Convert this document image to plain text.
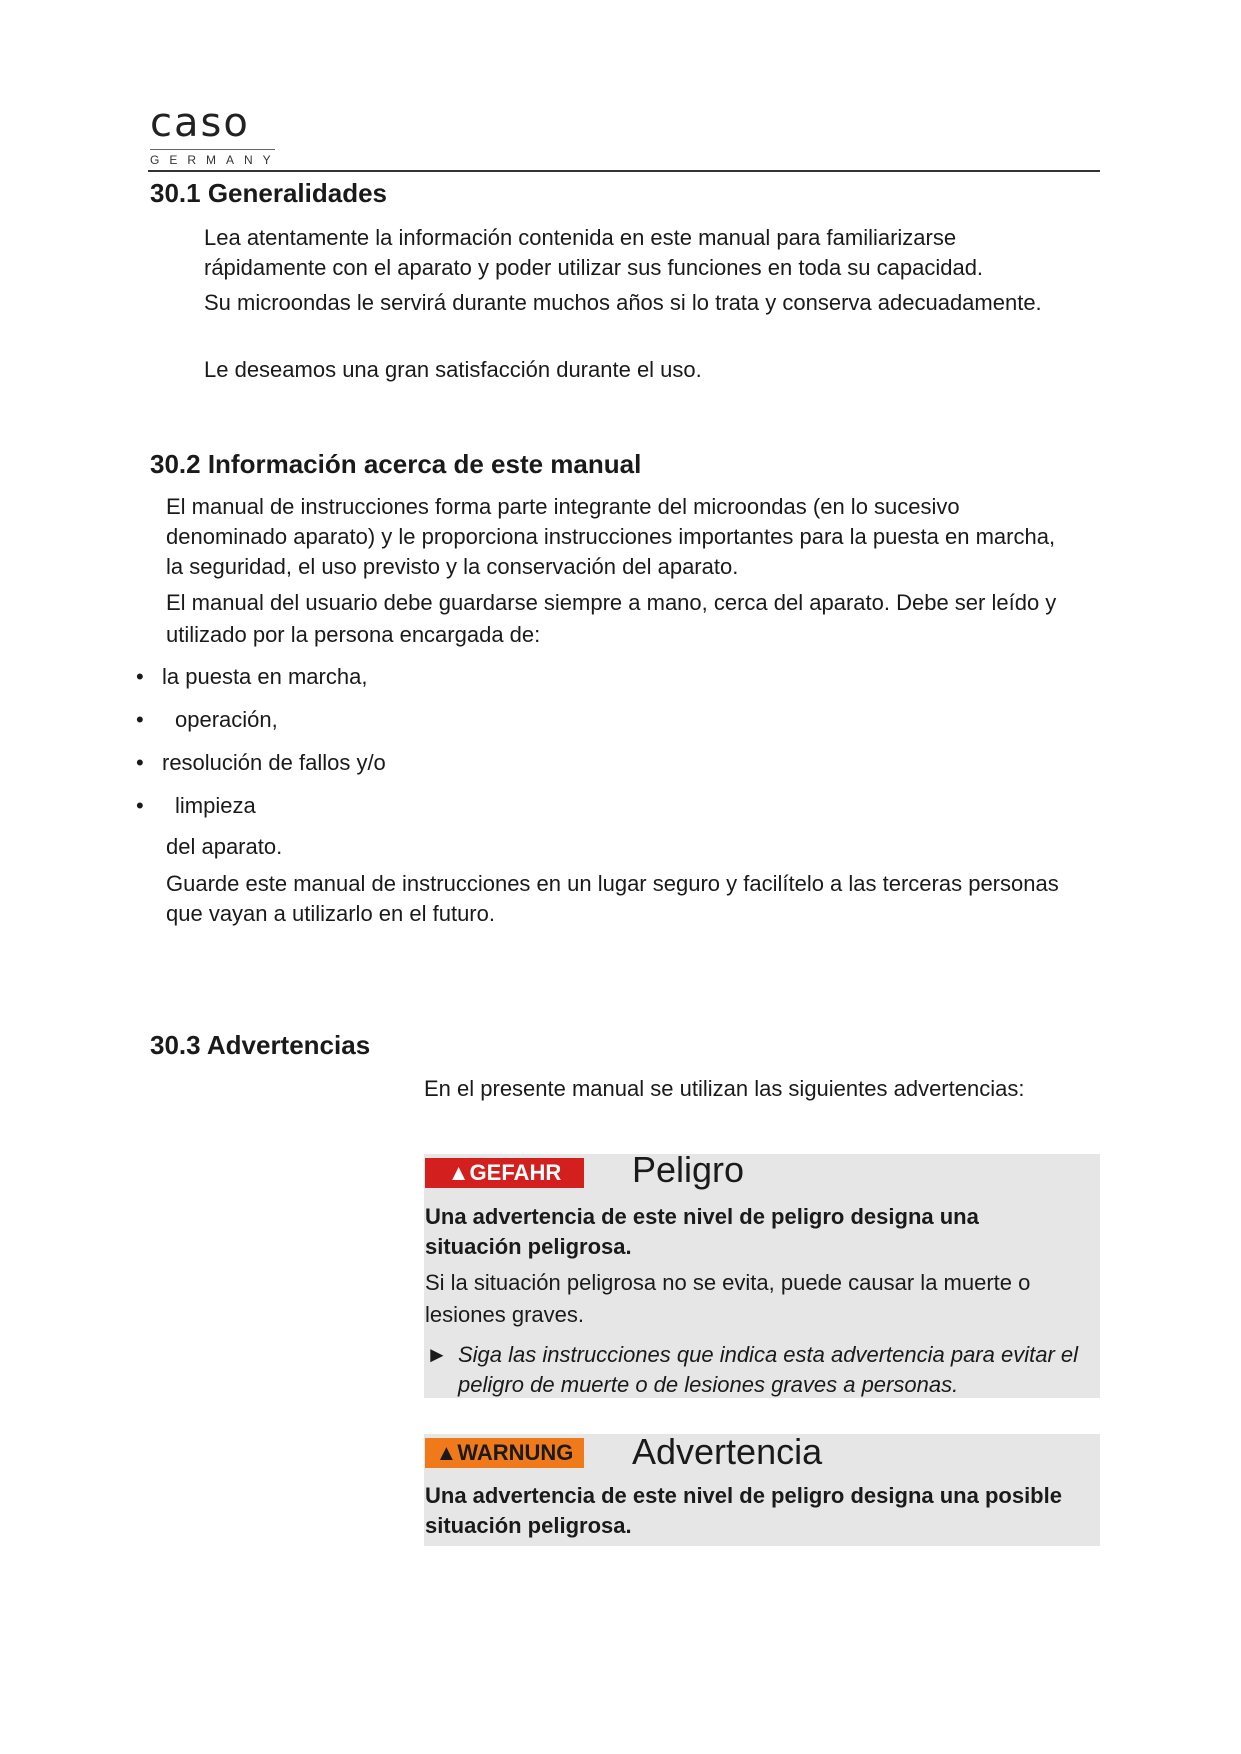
caso
GERMANY
30.1 Generalidades

Lea atentamente la información contenida en este manual para familiarizarse rápidamente con el aparato y poder utilizar sus funciones en toda su capacidad.

Su microondas le servirá durante muchos años si lo trata y conserva adecuadamente.

Le deseamos una gran satisfacción durante el uso.

30.2 Información acerca de este manual

El manual de instrucciones forma parte integrante del microondas (en lo sucesivo denominado aparato) y le proporciona instrucciones importantes para la puesta en marcha, la seguridad, el uso previsto y la conservación del aparato.

El manual del usuario debe guardarse siempre a mano, cerca del aparato. Debe ser leído y utilizado por la persona encargada de:

• la puesta en marcha,
• operación,
• resolución de fallos y/o
• limpieza

del aparato.

Guarde este manual de instrucciones en un lugar seguro y facilítelo a las terceras personas que vayan a utilizarlo en el futuro.

30.3 Advertencias

En el presente manual se utilizan las siguientes advertencias:

▲GEFAHR	Peligro
Una advertencia de este nivel de peligro designa una situación peligrosa.
Si la situación peligrosa no se evita, puede causar la muerte o lesiones graves.
► Siga las instrucciones que indica esta advertencia para evitar el peligro de muerte o de lesiones graves a personas.
▲WARNUNG Advertencia
Una advertencia de este nivel de peligro designa una posible situación peligrosa.
